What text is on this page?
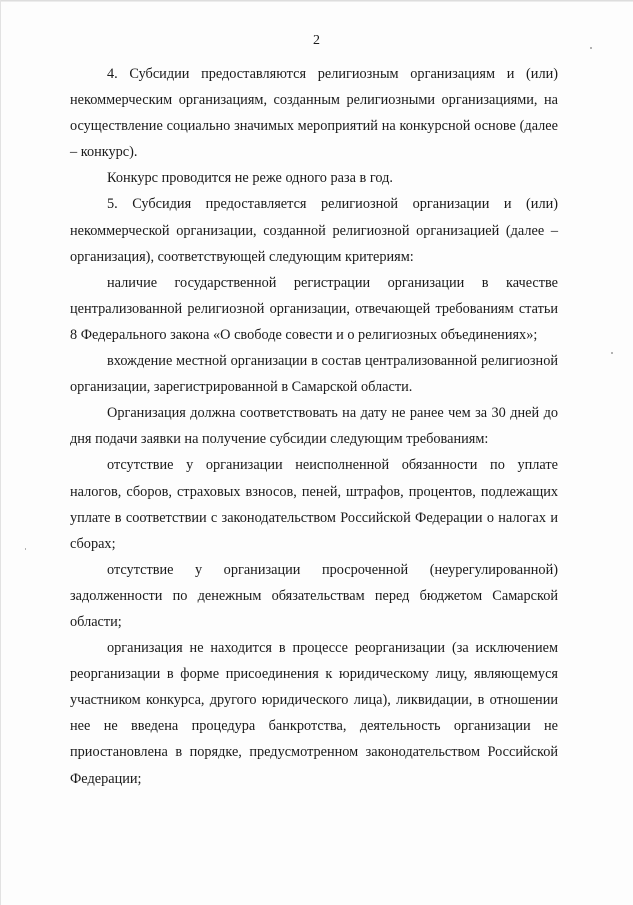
2

4. Субсидии предоставляются религиозным организациям и (или) некоммерческим организациям, созданным религиозными организациями, на осуществление социально значимых мероприятий на конкурсной основе (далее – конкурс).

Конкурс проводится не реже одного раза в год.

5. Субсидия предоставляется религиозной организации и (или) некоммерческой организации, созданной религиозной организацией (далее – организация), соответствующей следующим критериям:

наличие государственной регистрации организации в качестве централизованной религиозной организации, отвечающей требованиям статьи 8 Федерального закона «О свободе совести и о религиозных объединениях»;

вхождение местной организации в состав централизованной религиозной организации, зарегистрированной в Самарской области.

Организация должна соответствовать на дату не ранее чем за 30 дней до дня подачи заявки на получение субсидии следующим требованиям:

отсутствие у организации неисполненной обязанности по уплате налогов, сборов, страховых взносов, пеней, штрафов, процентов, подлежащих уплате в соответствии с законодательством Российской Федерации о налогах и сборах;

отсутствие у организации просроченной (неурегулированной) задолженности по денежным обязательствам перед бюджетом Самарской области;

организация не находится в процессе реорганизации (за исключением реорганизации в форме присоединения к юридическому лицу, являющемуся участником конкурса, другого юридического лица), ликвидации, в отношении нее не введена процедура банкротства, деятельность организации не приостановлена в порядке, предусмотренном законодательством Российской Федерации;
